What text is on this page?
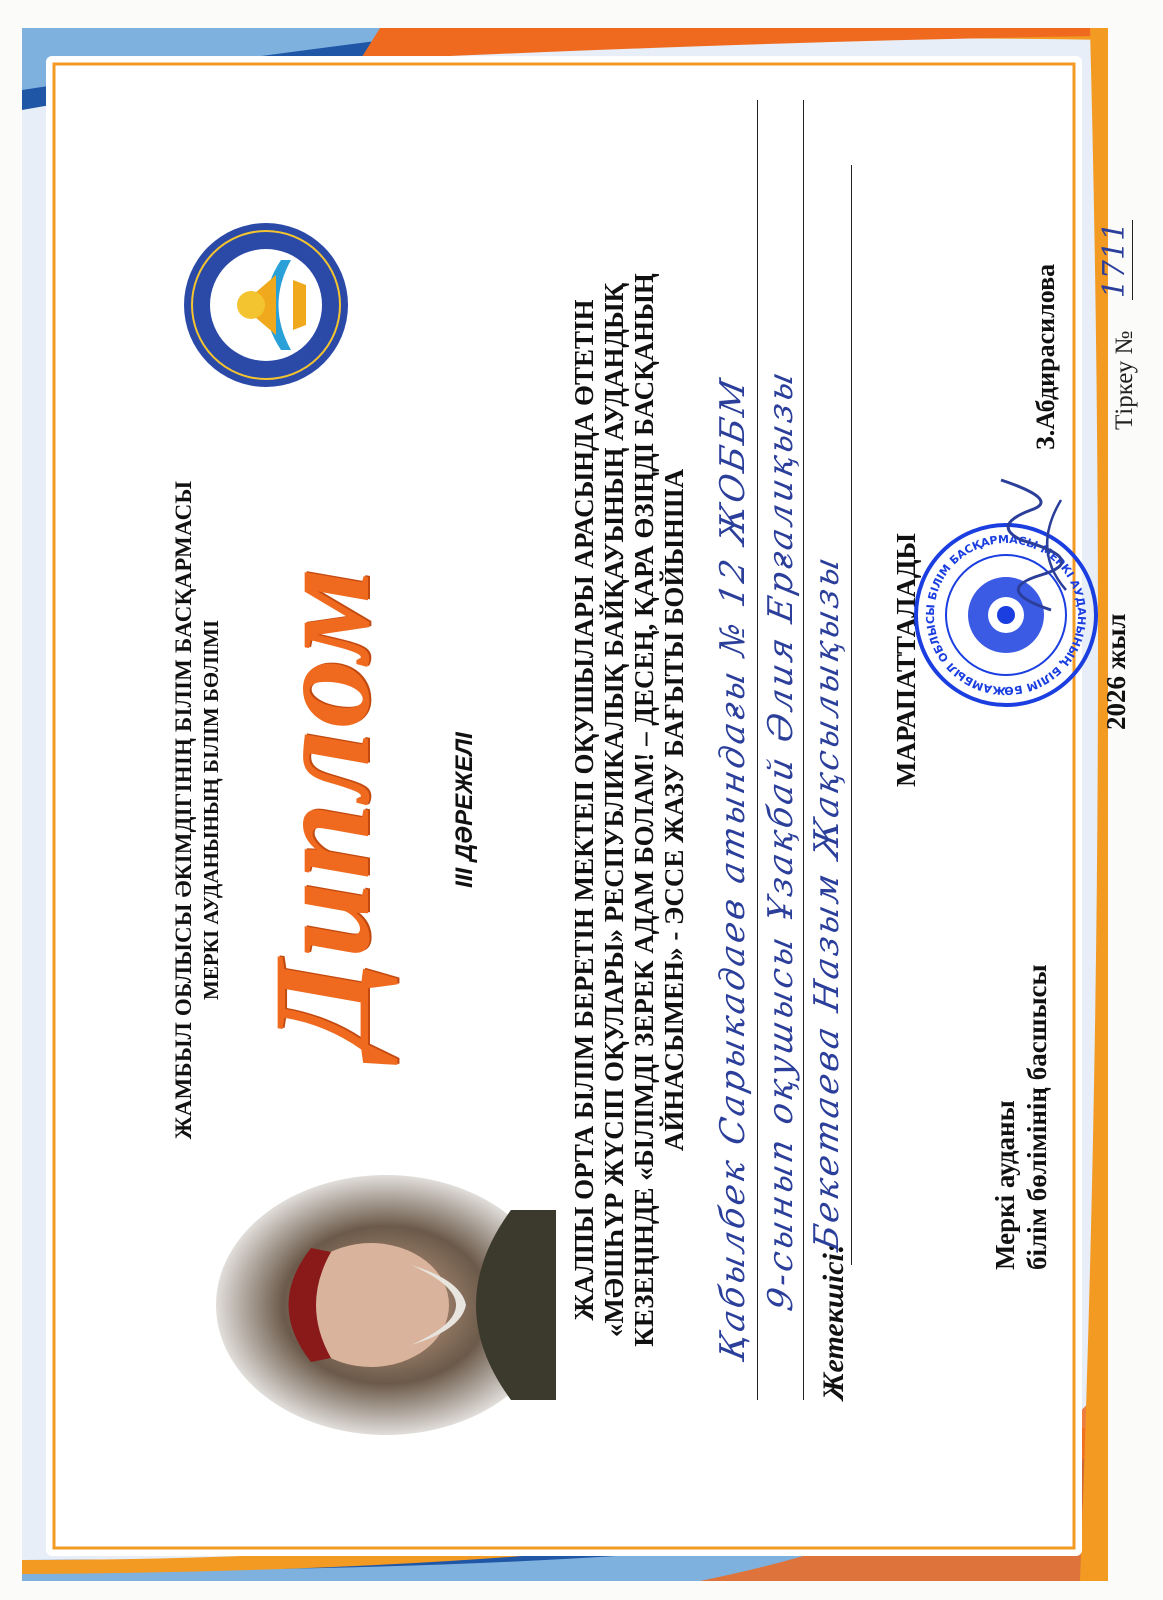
ЖАМБЫЛ ОБЛЫСЫ ӘКІМДІГІНІҢ БІЛІМ БАСҚАРМАСЫ МЕРКІ АУДАНЫНЫҢ БІЛІМ БӨЛІМІ Диплом ІІІ ДӘРЕЖЕЛІ	ЖАЛПЫ ОРТА БІЛІМ БЕРЕТІН МЕКТЕП ОҚУШЫЛАРЫ АРАСЫНДА ӨТЕТІН «МӘШҺҮР ЖҮСІП ОҚУЛАРЫ» РЕСПУБЛИКАЛЫҚ БАЙҚАУЫНЫҢ АУДАНДЫҚ КЕЗЕҢІНДЕ «БІЛІМДІ ЗЕРЕК АДАМ БОЛАМ! – ДЕСЕҢ, ҚАРА ӨЗІҢДІ БАСҚАНЫҢ АЙНАСЫМЕН» - ЭССЕ ЖАЗУ БАҒЫТЫ БОЙЫНША Қабылбек Сарыкадаев атындағы № 12 ЖОББМ 9-сынып оқушысы Ұзақбай Әлия Ерғалиқызы
Жетекшісі:
Бекетаева Назым Жақсылықызы МАРАПАТТАЛАДЫ
Меркі ауданы білім бөлімінің басшысы
ЖАМБЫЛ ОБЛЫСЫ БІЛІМ БАСҚАРМАСЫ МЕРКІ АУДАНЫНЫҢ БІЛІМ БӨ	2026 жыл
З.Абдирасилова Тіркеу №
1711
